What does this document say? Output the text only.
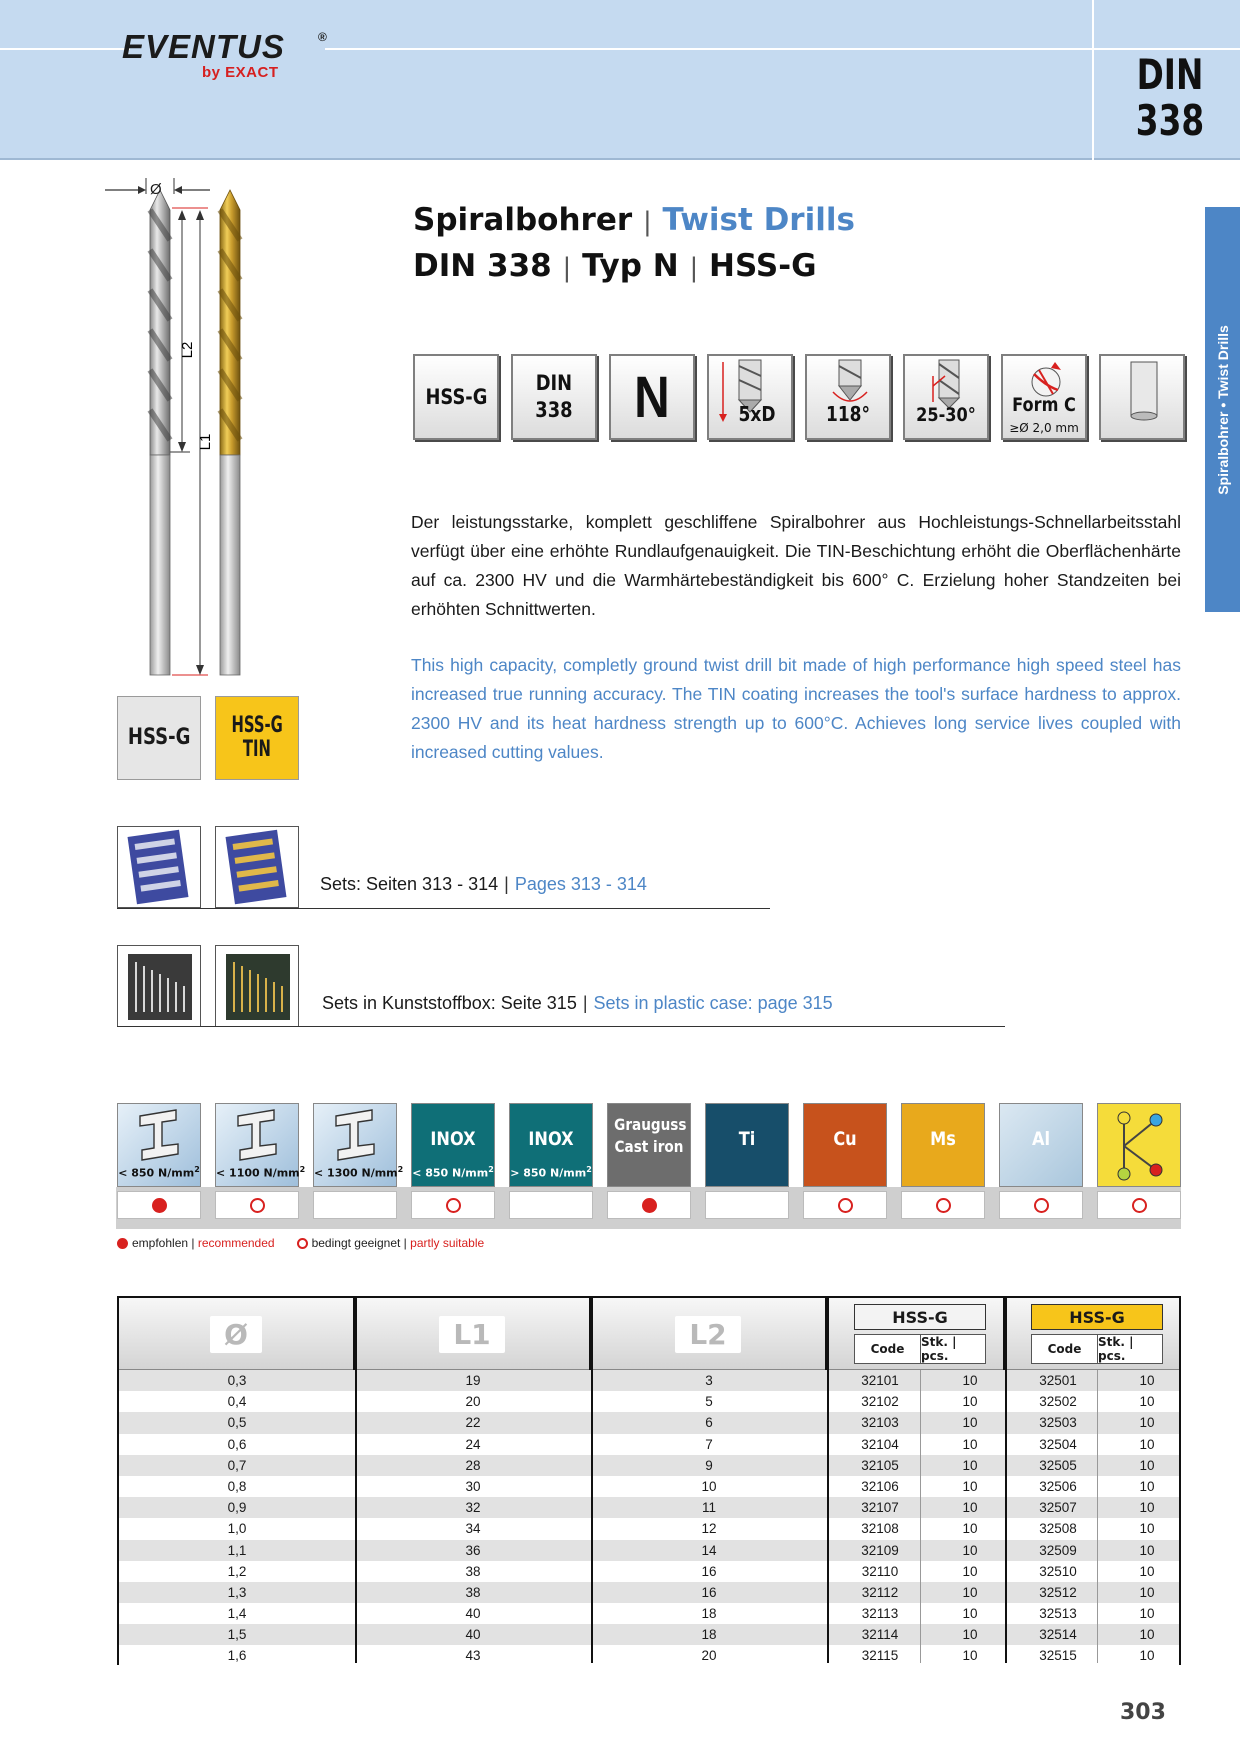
EVENTUS	®
by EXACT	DIN
338
Spiralbohrer • Twist Drills
L2
L1
Ø
HSS-G HSS-G
TIN
Spiralbohrer | Twist Drills
DIN 338 | Typ N | HSS-G
HSS-G
DIN
338 N	5xD	118°	25-30° Form C
≥Ø 2,0 mm

Der leistungsstarke, komplett geschliffene Spiralbohrer aus Hochleistungs-Schnellarbeitsstahl verfügt über eine erhöhte Rundlaufgenauigkeit. Die TIN-Beschichtung erhöht die Oberflächenhärte auf ca. 2300 HV und die Warmhärtebeständigkeit bis 600° C. Erzielung hoher Standzeiten bei erhöhten Schnittwerten.

This high capacity, completly ground twist drill bit made of high performance high speed steel has increased true running accuracy. The TIN coating increases the tool's surface hardness to approx. 2300 HV and its heat hardness strength up to 600°C. Achieves long service lives coupled with increased cutting values.

Sets: Seiten 313 - 314 | Pages 313 - 314
Sets in Kunststoffbox: Seite 315 | Sets in plastic case: page 315
< 850 $N/mm^2 < 1100$ $N/mm^2 < 1300$ $N/mm^2$
INOX
< 850 $N/mm^2$
INOX
> 850 $N/mm^2$
Grauguss
Cast iron	Ti	Cu	Ms	Al
empfohlen
|
recommended	bedingt geeignet
|
partly suitable
Ø	L1	L2
HSS-G
Code	Stk. | pcs.
HSS-G
Code	Stk. | pcs.
0,3	19	3	32101	10	32501	10
0,4	20	5	32102	10	32502	10
0,5	22	6	32103	10	32503	10
0,6	24	7	32104	10	32504	10
0,7	28	9	32105	10	32505	10
0,8	30	10	32106	10	32506	10
0,9	32	11	32107	10	32507	10
1,0	34	12	32108	10	32508	10
1,1	36	14	32109	10	32509	10
1,2	38	16	32110	10	32510	10
1,3	38	16	32112	10	32512	10
1,4	40	18	32113	10	32513	10
1,5	40	18	32114	10	32514	10
1,6	43	20	32115	10	32515	10
303
